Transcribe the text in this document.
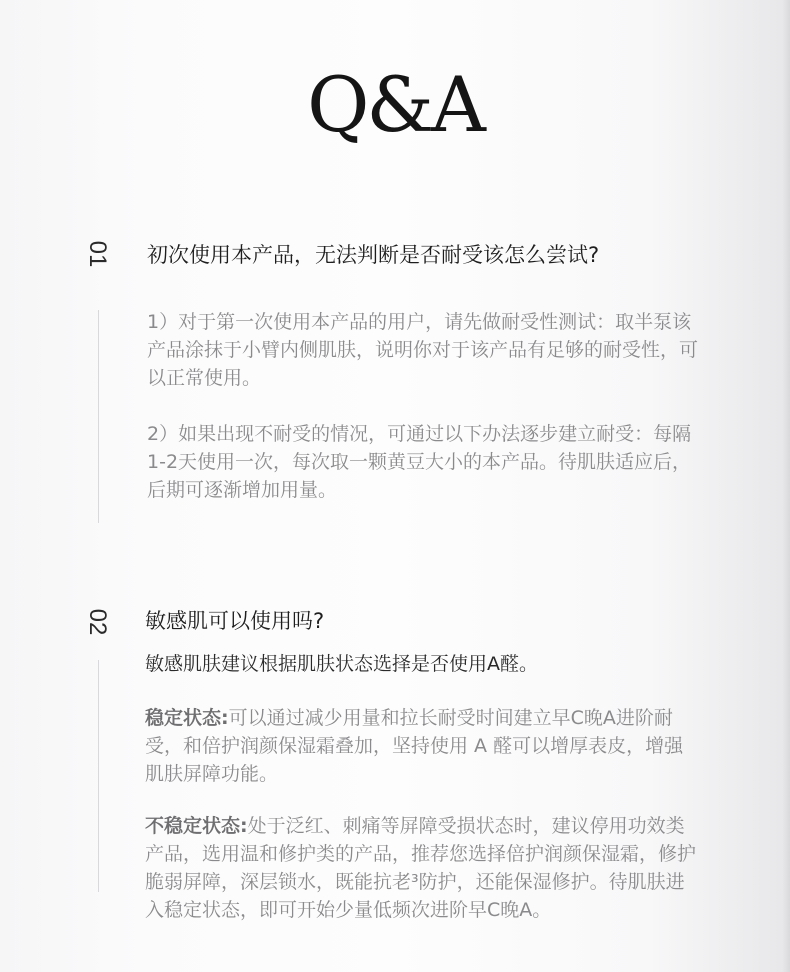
Q&A
01 初次使用本产品，无法判断是否耐受该怎么尝试?
1）对于第一次使用本产品的用户，请先做耐受性测试：取半泵该产品涂抹于小臂内侧肌肤，说明你对于该产品有足够的耐受性，可以正常使用。
2）如果出现不耐受的情况，可通过以下办法逐步建立耐受：每隔1-2天使用一次，每次取一颗黄豆大小的本产品。待肌肤适应后，后期可逐渐增加用量。
02 敏感肌可以使用吗?
敏感肌肤建议根据肌肤状态选择是否使用A醛。
稳定状态:可以通过减少用量和拉长耐受时间建立早C晚A进阶耐受，和倍护润颜保湿霜叠加，坚持使用 A 醛可以增厚表皮，增强肌肤屏障功能。
不稳定状态:处于泛红、刺痛等屏障受损状态时，建议停用功效类产品，选用温和修护类的产品，推荐您选择倍护润颜保湿霜，修护脆弱屏障，深层锁水，既能抗老³防护，还能保湿修护。待肌肤进入稳定状态，即可开始少量低频次进阶早C晚A。
